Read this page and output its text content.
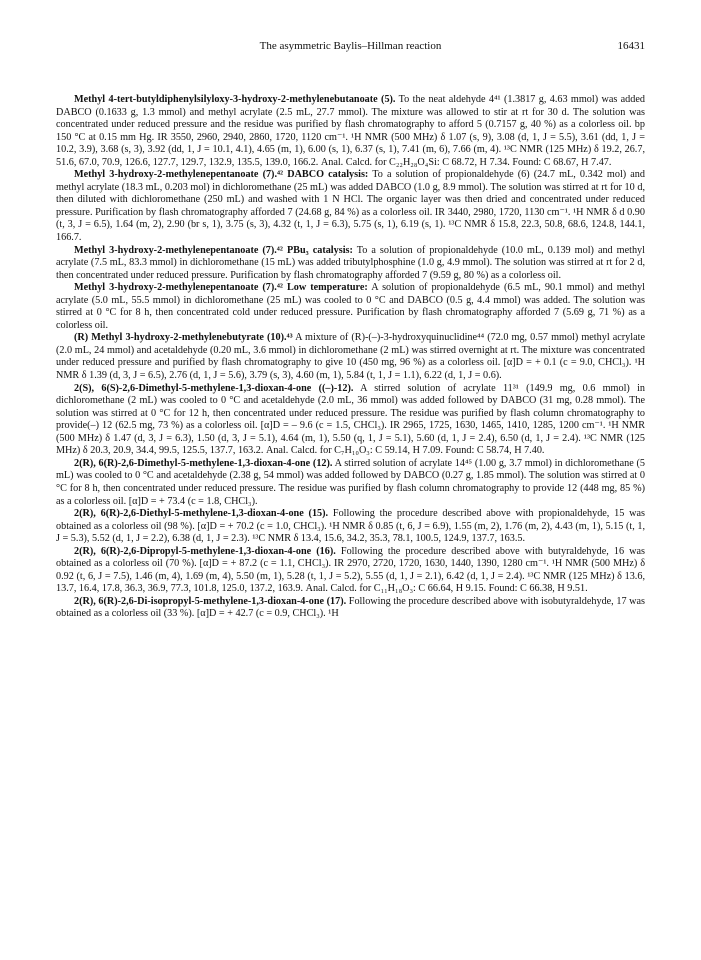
The asymmetric Baylis–Hillman reaction	16431

Methyl 4-tert-butyldiphenylsilyloxy-3-hydroxy-2-methylenebutanoate (5). To the neat aldehyde 4⁴¹ (1.3817 g, 4.63 mmol) was added DABCO (0.1633 g, 1.3 mmol) and methyl acrylate (2.5 mL, 27.7 mmol). The mixture was allowed to stir at rt for 30 d. The solution was concentrated under reduced pressure and the residue was purified by flash chromatography to afford 5 (0.7157 g, 40 %) as a colorless oil. bp 150 °C at 0.15 mm Hg. IR 3550, 2960, 2940, 2860, 1720, 1120 cm⁻¹. ¹H NMR (500 MHz) δ 1.07 (s, 9), 3.08 (d, 1, J = 5.5), 3.61 (dd, 1, J = 10.2, 3.9), 3.68 (s, 3), 3.92 (dd, 1, J = 10.1, 4.1), 4.65 (m, 1), 6.00 (s, 1), 6.37 (s, 1), 7.41 (m, 6), 7.66 (m, 4). ¹³C NMR (125 MHz) δ 19.2, 26.7, 51.6, 67.0, 70.9, 126.6, 127.7, 129.7, 132.9, 135.5, 139.0, 166.2. Anal. Calcd. for C₂₂H₂₈O₄Si: C 68.72, H 7.34. Found: C 68.67, H 7.47.

Methyl 3-hydroxy-2-methylenepentanoate (7).⁴² DABCO catalysis: To a solution of propionaldehyde (6) (24.7 mL, 0.342 mol) and methyl acrylate (18.3 mL, 0.203 mol) in dichloromethane (25 mL) was added DABCO (1.0 g, 8.9 mmol). The solution was stirred at rt for 10 d, then diluted with dichloromethane (250 mL) and washed with 1 N HCl. The organic layer was then dried and concentrated under reduced pressure. Purification by flash chromatography afforded 7 (24.68 g, 84 %) as a colorless oil. IR 3440, 2980, 1720, 1130 cm⁻¹. ¹H NMR δ d 0.90 (t, 3, J = 6.5), 1.64 (m, 2), 2.90 (br s, 1), 3.75 (s, 3), 4.32 (t, 1, J = 6.3), 5.75 (s, 1), 6.19 (s, 1). ¹³C NMR δ 15.8, 22.3, 50.8, 68.6, 124.8, 144.1, 166.7.

Methyl 3-hydroxy-2-methylenepentanoate (7).⁴² PBu₃ catalysis: To a solution of propionaldehyde (10.0 mL, 0.139 mol) and methyl acrylate (7.5 mL, 83.3 mmol) in dichloromethane (15 mL) was added tributylphosphine (1.0 g, 4.9 mmol). The solution was stirred at rt for 2 d, then concentrated under reduced pressure. Purification by flash chromatography afforded 7 (9.59 g, 80 %) as a colorless oil.

Methyl 3-hydroxy-2-methylenepentanoate (7).⁴² Low temperature: A solution of propionaldehyde (6.5 mL, 90.1 mmol) and methyl acrylate (5.0 mL, 55.5 mmol) in dichloromethane (25 mL) was cooled to 0 °C and DABCO (0.5 g, 4.4 mmol) was added. The solution was stirred at 0 °C for 8 h, then concentrated cold under reduced pressure. Purification by flash chromatography afforded 7 (5.69 g, 71 %) as a colorless oil.

(R) Methyl 3-hydroxy-2-methylenebutyrate (10).⁴³ A mixture of (R)-(–)-3-hydroxyquinuclidine⁴⁴ (72.0 mg, 0.57 mmol) methyl acrylate (2.0 mL, 24 mmol) and acetaldehyde (0.20 mL, 3.6 mmol) in dichloromethane (2 mL) was stirred overnight at rt. The mixture was concentrated under reduced pressure and purified by flash chromatography to give 10 (450 mg, 96 %) as a colorless oil. [α]D = + 0.1 (c = 9.0, CHCl₃). ¹H NMR δ 1.39 (d, 3, J = 6.5), 2.76 (d, 1, J = 5.6), 3.79 (s, 3), 4.60 (m, 1), 5.84 (t, 1, J = 1.1), 6.22 (d, 1, J = 0.6).

2(S), 6(S)-2,6-Dimethyl-5-methylene-1,3-dioxan-4-one ((–)-12). A stirred solution of acrylate 11³¹ (149.9 mg, 0.6 mmol) in dichloromethane (2 mL) was cooled to 0 °C and acetaldehyde (2.0 mL, 36 mmol) was added followed by DABCO (31 mg, 0.28 mmol). The solution was stirred at 0 °C for 12 h, then concentrated under reduced pressure. The residue was purified by flash column chromatography to provide(–) 12 (62.5 mg, 73 %) as a colorless oil. [α]D = – 9.6 (c = 1.5, CHCl₃). IR 2965, 1725, 1630, 1465, 1410, 1285, 1200 cm⁻¹. ¹H NMR (500 MHz) δ 1.47 (d, 3, J = 6.3), 1.50 (d, 3, J = 5.1), 4.64 (m, 1), 5.50 (q, 1, J = 5.1), 5.60 (d, 1, J = 2.4), 6.50 (d, 1, J = 2.4). ¹³C NMR (125 MHz) δ 20.3, 20.9, 34.4, 99.5, 125.5, 137.7, 163.2. Anal. Calcd. for C₇H₁₀O₃: C 59.14, H 7.09. Found: C 58.74, H 7.40.

2(R), 6(R)-2,6-Dimethyl-5-methylene-1,3-dioxan-4-one (12). A stirred solution of acrylate 14⁴⁵ (1.00 g, 3.7 mmol) in dichloromethane (5 mL) was cooled to 0 °C and acetaldehyde (2.38 g, 54 mmol) was added followed by DABCO (0.27 g, 1.85 mmol). The solution was stirred at 0 °C for 8 h, then concentrated under reduced pressure. The residue was purified by flash column chromatography to provide 12 (448 mg, 85 %) as a colorless oil. [α]D = + 73.4 (c = 1.8, CHCl₃).

2(R), 6(R)-2,6-Diethyl-5-methylene-1,3-dioxan-4-one (15). Following the procedure described above with propionaldehyde, 15 was obtained as a colorless oil (98 %). [α]D = + 70.2 (c = 1.0, CHCl₃). ¹H NMR δ 0.85 (t, 6, J = 6.9), 1.55 (m, 2), 1.76 (m, 2), 4.43 (m, 1), 5.15 (t, 1, J = 5.3), 5.52 (d, 1, J = 2.2), 6.38 (d, 1, J = 2.3). ¹³C NMR δ 13.4, 15.6, 34.2, 35.3, 78.1, 100.5, 124.9, 137.7, 163.5.

2(R), 6(R)-2,6-Dipropyl-5-methylene-1,3-dioxan-4-one (16). Following the procedure described above with butyraldehyde, 16 was obtained as a colorless oil (70 %). [α]D = + 87.2 (c = 1.1, CHCl₃). IR 2970, 2720, 1720, 1630, 1440, 1390, 1280 cm⁻¹. ¹H NMR (500 MHz) δ 0.92 (t, 6, J = 7.5), 1.46 (m, 4), 1.69 (m, 4), 5.50 (m, 1), 5.28 (t, 1, J = 5.2), 5.55 (d, 1, J = 2.1), 6.42 (d, 1, J = 2.4). ¹³C NMR (125 MHz) δ 13.6, 13.7, 16.4, 17.8, 36.3, 36.9, 77.3, 101.8, 125.0, 137.2, 163.9. Anal. Calcd. for C₁₁H₁₈O₃: C 66.64, H 9.15. Found: C 66.38, H 9.51.

2(R), 6(R)-2,6-Di-isopropyl-5-methylene-1,3-dioxan-4-one (17). Following the procedure described above with isobutyraldehyde, 17 was obtained as a colorless oil (33 %). [α]D = + 42.7 (c = 0.9, CHCl₃). ¹H
